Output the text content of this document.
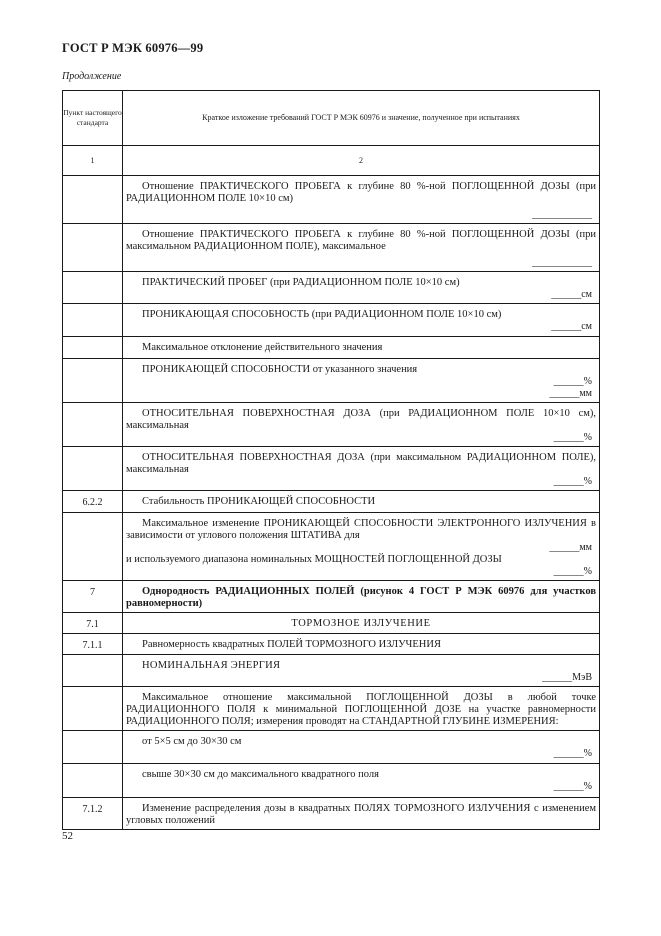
ГОСТ Р МЭК 60976—99
Продолжение
Пункт настоящего стандарта	Краткое изложение требований ГОСТ Р МЭК 60976 и значение, полученное при испытаниях
1	2

	Отношение ПРАКТИЧЕСКОГО ПРОБЕГА к глубине 80 %-ной ПОГЛОЩЕННОЙ ДОЗЫ (при РАДИАЦИОННОМ ПОЛЕ 10×10 см)

____________

	Отношение ПРАКТИЧЕСКОГО ПРОБЕГА к глубине 80 %-ной ПОГЛОЩЕННОЙ ДОЗЫ (при максимальном РАДИАЦИОННОМ ПОЛЕ), максимальное

____________

	ПРАКТИЧЕСКИЙ ПРОБЕГ (при РАДИАЦИОННОМ ПОЛЕ 10×10 см)

______см

	ПРОНИКАЮЩАЯ СПОСОБНОСТЬ (при РАДИАЦИОННОМ ПОЛЕ 10×10 см)

______см

	Максимальное отклонение действительного значения

	ПРОНИКАЮЩЕЙ СПОСОБНОСТИ от указанного значения

______%
______мм

	ОТНОСИТЕЛЬНАЯ ПОВЕРХНОСТНАЯ ДОЗА (при РАДИАЦИОННОМ ПОЛЕ 10×10 см), максимальная

______%

	ОТНОСИТЕЛЬНАЯ ПОВЕРХНОСТНАЯ ДОЗА (при максимальном РАДИАЦИОННОМ ПОЛЕ), максимальная

______%

6.2.2	Стабильность ПРОНИКАЮЩЕЙ СПОСОБНОСТИ

	Максимальное изменение ПРОНИКАЮЩЕЙ СПОСОБНОСТИ ЭЛЕКТРОННОГО ИЗЛУЧЕНИЯ в зависимости от углового положения ШТАТИВА для

______мм

и используемого диапазона номинальных МОЩНОСТЕЙ ПОГЛОЩЕННОЙ ДОЗЫ

______%

7	Однородность РАДИАЦИОННЫХ ПОЛЕЙ (рисунок 4 ГОСТ Р МЭК 60976 для участков равномерности)

7.1	ТОРМОЗНОЕ ИЗЛУЧЕНИЕ
7.1.1	Равномерность квадратных ПОЛЕЙ ТОРМОЗНОГО ИЗЛУЧЕНИЯ

	НОМИНАЛЬНАЯ ЭНЕРГИЯ

______МэВ

	Максимальное отношение максимальной ПОГЛОЩЕННОЙ ДОЗЫ в любой точке РАДИАЦИОННОГО ПОЛЯ к минимальной ПОГЛОЩЕННОЙ ДОЗЕ на участке равномерности РАДИАЦИОННОГО ПОЛЯ; измерения проводят на СТАНДАРТНОЙ ГЛУБИНЕ ИЗМЕРЕНИЯ:

	от 5×5 см до 30×30 см

______%

	свыше 30×30 см до максимального квадратного поля

______%

7.1.2	Изменение распределения дозы в квадратных ПОЛЯХ ТОРМОЗНОГО ИЗЛУЧЕНИЯ с изменением угловых положений

52
